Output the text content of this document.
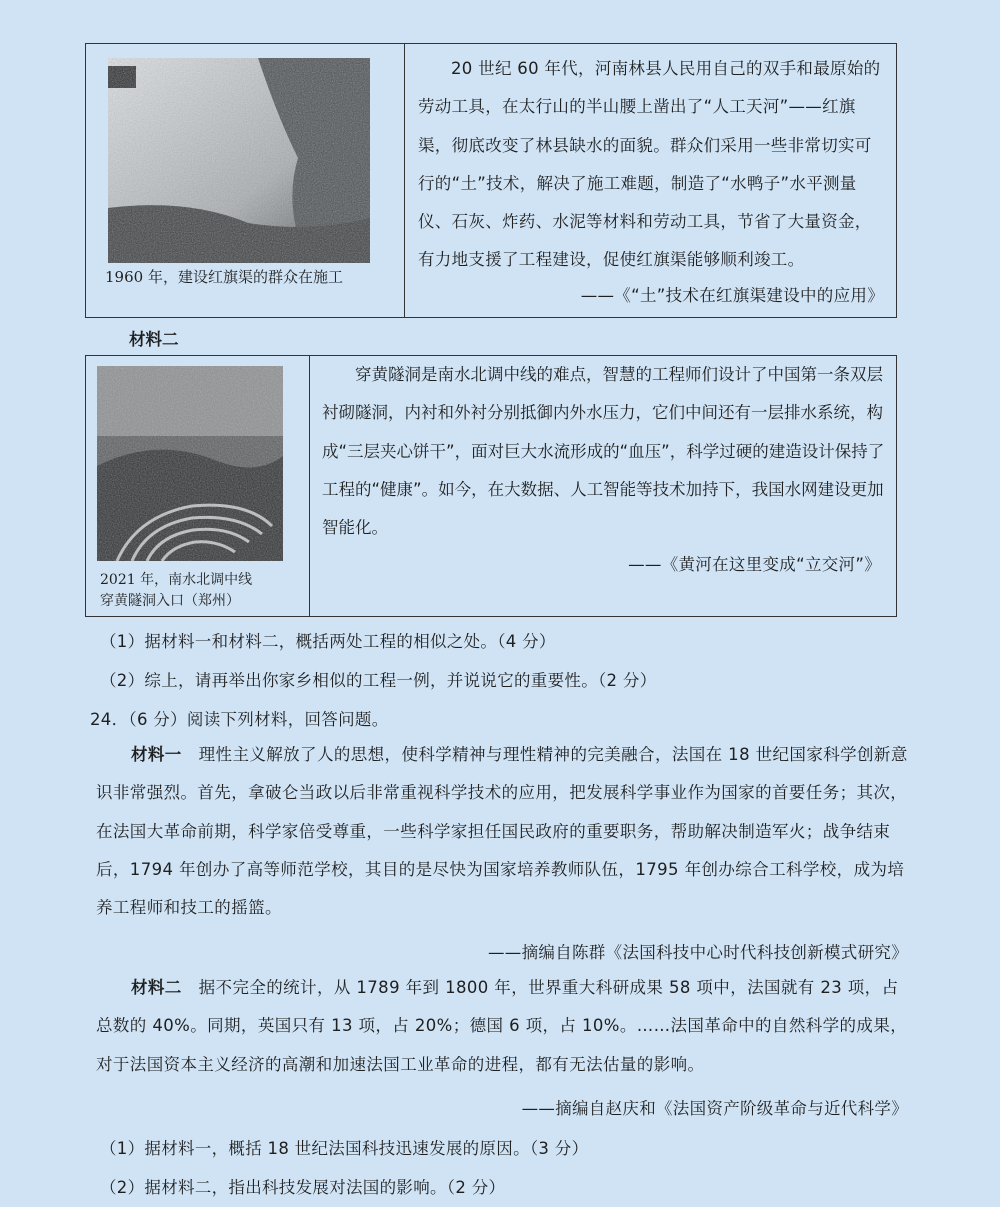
1960 年，建设红旗渠的群众在施工

20 世纪 60 年代，河南林县人民用自己的双手和最原始的劳动工具，在太行山的半山腰上凿出了“人工天河”——红旗渠，彻底改变了林县缺水的面貌。群众们采用一些非常切实可行的“土”技术，解决了施工难题，制造了“水鸭子”水平测量仪、石灰、炸药、水泥等材料和劳动工具，节省了大量资金，有力地支援了工程建设，促使红旗渠能够顺利竣工。

——《“土”技术在红旗渠建设中的应用》

材料二
2021 年，南水北调中线
穿黄隧洞入口（郑州）

穿黄隧洞是南水北调中线的难点，智慧的工程师们设计了中国第一条双层衬砌隧洞，内衬和外衬分别抵御内外水压力，它们中间还有一层排水系统，构成“三层夹心饼干”，面对巨大水流形成的“血压”，科学过硬的建造设计保持了工程的“健康”。如今，在大数据、人工智能等技术加持下，我国水网建设更加智能化。

——《黄河在这里变成“立交河”》

（1）据材料一和材料二，概括两处工程的相似之处。（4 分）
（2）综上，请再举出你家乡相似的工程一例，并说说它的重要性。（2 分）
24．（6 分）阅读下列材料，回答问题。

材料一 理性主义解放了人的思想，使科学精神与理性精神的完美融合，法国在 18 世纪国家科学创新意识非常强烈。首先，拿破仑当政以后非常重视科学技术的应用，把发展科学事业作为国家的首要任务；其次，在法国大革命前期，科学家倍受尊重，一些科学家担任国民政府的重要职务，帮助解决制造军火；战争结束后，1794 年创办了高等师范学校，其目的是尽快为国家培养教师队伍，1795 年创办综合工科学校，成为培养工程师和技工的摇篮。

——摘编自陈群《法国科技中心时代科技创新模式研究》

材料二 据不完全的统计，从 1789 年到 1800 年，世界重大科研成果 58 项中，法国就有 23 项，占总数的 40%。同期，英国只有 13 项，占 20%；德国 6 项，占 10%。……法国革命中的自然科学的成果，对于法国资本主义经济的高潮和加速法国工业革命的进程，都有无法估量的影响。

——摘编自赵庆和《法国资产阶级革命与近代科学》
（1）据材料一，概括 18 世纪法国科技迅速发展的原因。（3 分）
（2）据材料二，指出科技发展对法国的影响。（2 分）
